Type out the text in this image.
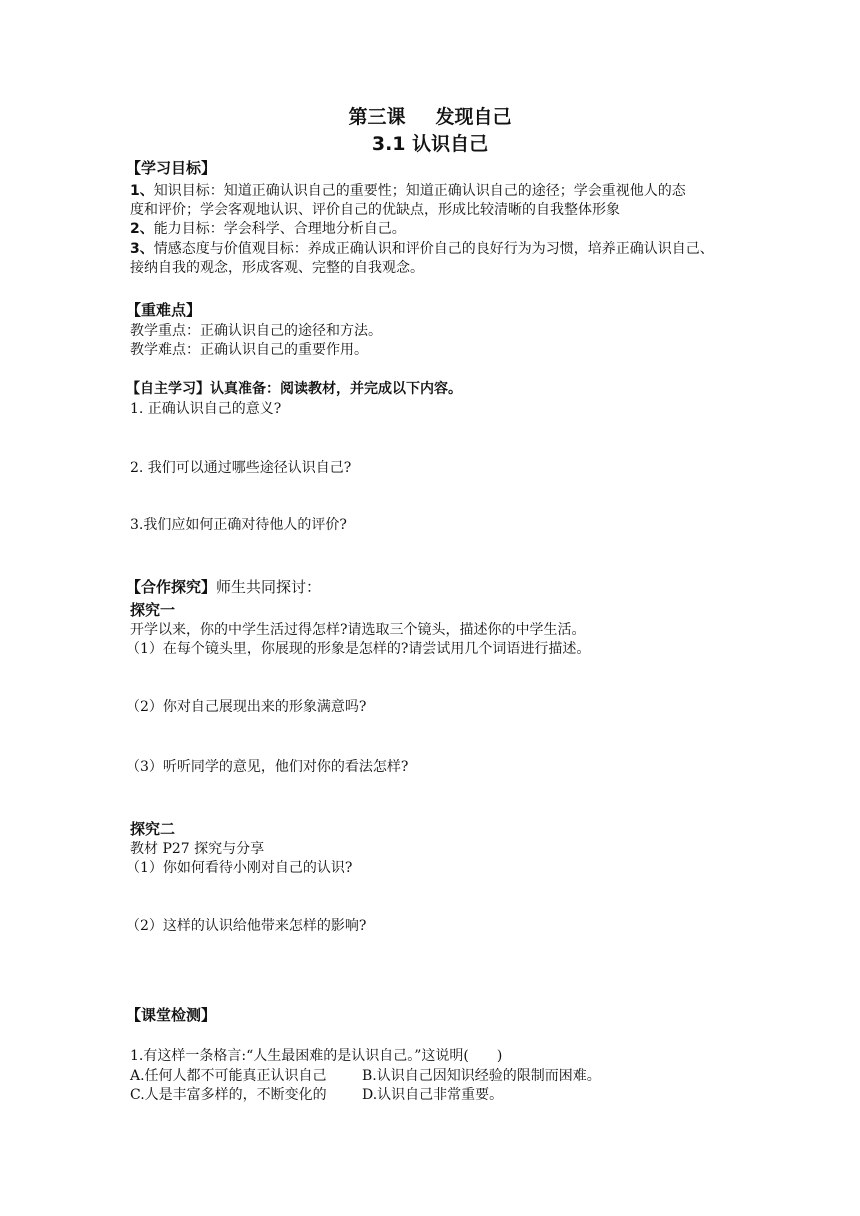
第三课 发现自己
3.1 认识自己
【学习目标】
1、知识目标：知道正确认识自己的重要性；知道正确认识自己的途径；学会重视他人的态
度和评价；学会客观地认识、评价自己的优缺点，形成比较清晰的自我整体形象
2、能力目标：学会科学、合理地分析自己。
3、情感态度与价值观目标：养成正确认识和评价自己的良好行为为习惯，培养正确认识自己、
接纳自我的观念，形成客观、完整的自我观念。
【重难点】
教学重点：正确认识自己的途径和方法。
教学难点：正确认识自己的重要作用。
【自主学习】认真准备：阅读教材，并完成以下内容。
1. 正确认识自己的意义?
2. 我们可以通过哪些途径认识自己?
3.我们应如何正确对待他人的评价?
【合作探究】师生共同探讨：
探究一
开学以来，你的中学生活过得怎样?请选取三个镜头，描述你的中学生活。
（1）在每个镜头里，你展现的形象是怎样的?请尝试用几个词语进行描述。
（2）你对自己展现出来的形象满意吗?
（3）听听同学的意见，他们对你的看法怎样?
探究二
教材 P27 探究与分享
（1）你如何看待小刚对自己的认识?
（2）这样的认识给他带来怎样的影响?
【课堂检测】
1.有这样一条格言:“人生最困难的是认识自己。”这说明(　　)
A.任何人都不可能真正认识自己	B.认识自己因知识经验的限制而困难。
C.人是丰富多样的，不断变化的	D.认识自己非常重要。
